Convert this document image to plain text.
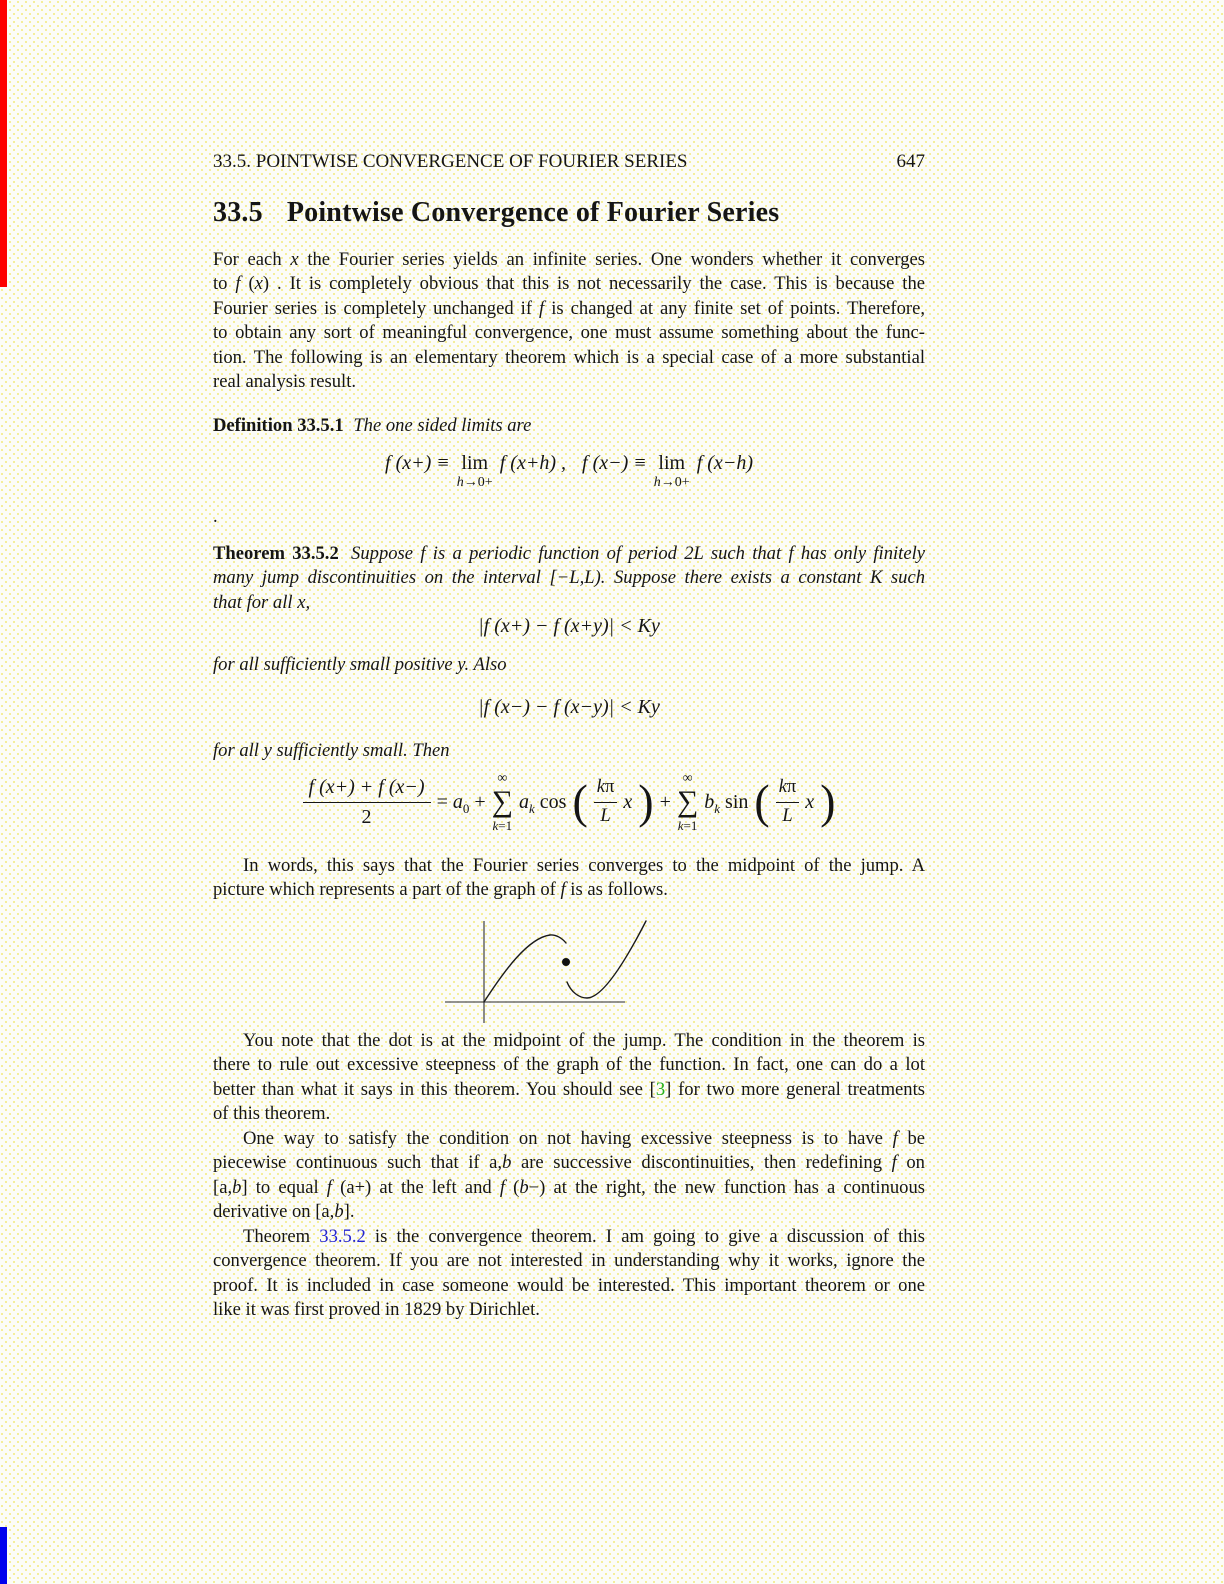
33.5. POINTWISE CONVERGENCE OF FOURIER SERIES	647
33.5 Pointwise Convergence of Fourier Series
For each x the Fourier series yields an infinite series. One wonders whether it converges
to f (x) . It is completely obvious that this is not necessarily the case. This is because the
Fourier series is completely unchanged if f is changed at any finite set of points. Therefore,
to obtain any sort of meaningful convergence, one must assume something about the func-
tion. The following is an elementary theorem which is a special case of a more substantial
real analysis result.
Definition 33.5.1 The one sided limits are
f (x+) ≡ lim
h→0+
f (x+h) , f (x−) ≡ lim
h→0+
f (x−h)
.
Theorem 33.5.2 Suppose f is a periodic function of period 2L such that f has only finitely
many jump discontinuities on the interval [−L,L). Suppose there exists a constant K such
that for all x,
|f (x+) − f (x+y)| < Ky
for all sufficiently small positive y. Also
|f (x−) − f (x−y)| < Ky
for all y sufficiently small. Then
$\frac{f (x+) + f (x-)}{2} = a_0$ +
∞
∑
k=1
$a_k$ cos ( $\frac{k\pi}{L}$ x ) +
∞
∑
k=1
$b_k$ sin ( $\frac{k\pi}{L}$ x )
In words, this says that the Fourier series converges to the midpoint of the jump. A
picture which represents a part of the graph of f is as follows.
You note that the dot is at the midpoint of the jump. The condition in the theorem is
there to rule out excessive steepness of the graph of the function. In fact, one can do a lot
better than what it says in this theorem. You should see [3] for two more general treatments
of this theorem.
One way to satisfy the condition on not having excessive steepness is to have f be
piecewise continuous such that if a,b are successive discontinuities, then redefining f on
[a,b] to equal f (a+) at the left and f (b−) at the right, the new function has a continuous
derivative on [a,b].
Theorem 33.5.2 is the convergence theorem. I am going to give a discussion of this
convergence theorem. If you are not interested in understanding why it works, ignore the
proof. It is included in case someone would be interested. This important theorem or one
like it was first proved in 1829 by Dirichlet.
